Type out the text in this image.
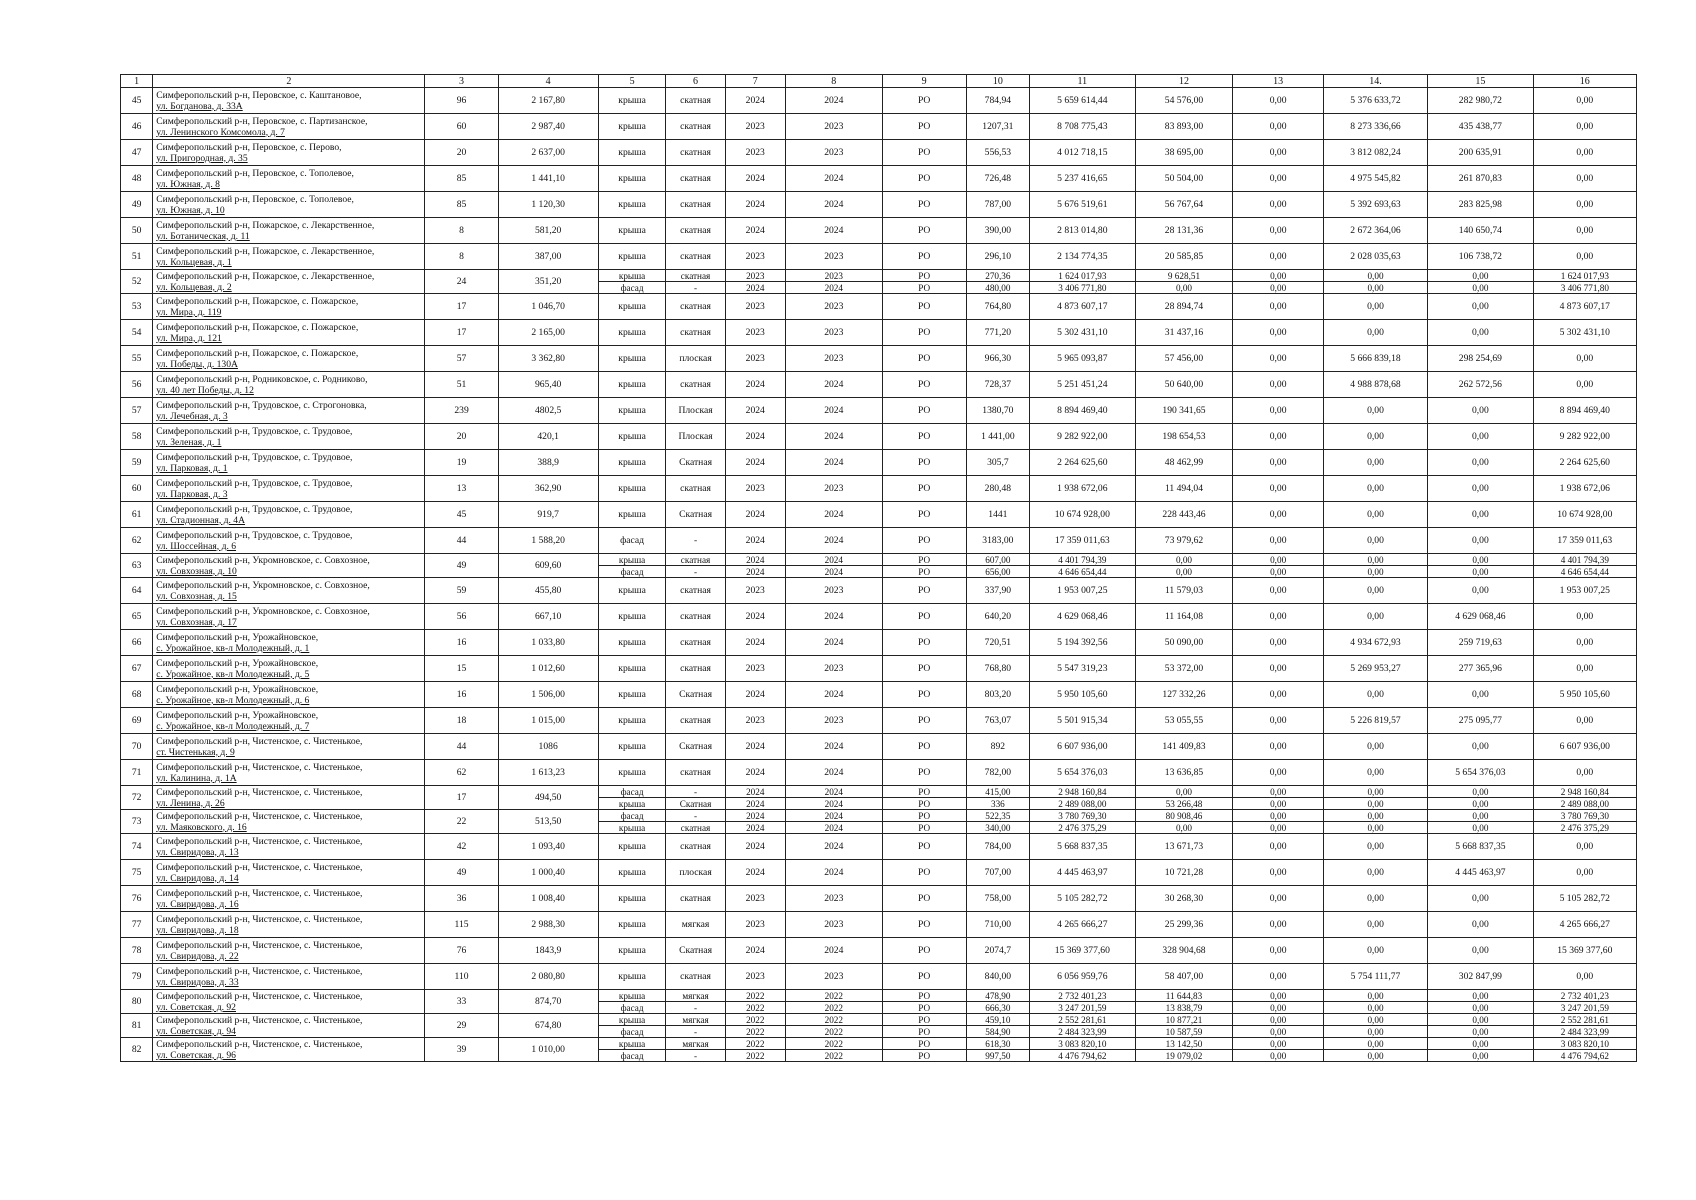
1	2	3	4	5	6	7	8	9	10	11	12	13	14.	15	16
45	Симферопольский р-н, Перовское, с. Каштановое,
ул. Богданова, д. 33А	96	2 167,80	крыша	скатная	2024	2024	РО	784,94	5 659 614,44	54 576,00	0,00	5 376 633,72	282 980,72	0,00
46	Симферопольский р-н, Перовское, с. Партизанское,
ул. Ленинского Комсомола, д. 7	60	2 987,40	крыша	скатная	2023	2023	РО	1207,31	8 708 775,43	83 893,00	0,00	8 273 336,66	435 438,77	0,00
47	Симферопольский р-н, Перовское, с. Перово,
ул. Пригородная, д. 35	20	2 637,00	крыша	скатная	2023	2023	РО	556,53	4 012 718,15	38 695,00	0,00	3 812 082,24	200 635,91	0,00
48	Симферопольский р-н, Перовское, с. Тополевое,
ул. Южная, д. 8	85	1 441,10	крыша	скатная	2024	2024	РО	726,48	5 237 416,65	50 504,00	0,00	4 975 545,82	261 870,83	0,00
49	Симферопольский р-н, Перовское, с. Тополевое,
ул. Южная, д. 10	85	1 120,30	крыша	скатная	2024	2024	РО	787,00	5 676 519,61	56 767,64	0,00	5 392 693,63	283 825,98	0,00
50	Симферопольский р-н, Пожарское, с. Лекарственное,
ул. Ботаническая, д. 11	8	581,20	крыша	скатная	2024	2024	РО	390,00	2 813 014,80	28 131,36	0,00	2 672 364,06	140 650,74	0,00
51	Симферопольский р-н, Пожарское, с. Лекарственное,
ул. Кольцевая, д. 1	8	387,00	крыша	скатная	2023	2023	РО	296,10	2 134 774,35	20 585,85	0,00	2 028 035,63	106 738,72	0,00
52	Симферопольский р-н, Пожарское, с. Лекарственное,
ул. Кольцевая, д. 2	24	351,20	крыша	скатная	2023	2023	РО	270,36	1 624 017,93	9 628,51	0,00	0,00	0,00	1 624 017,93
				фасад	-	2024	2024	РО	480,00	3 406 771,80	0,00	0,00	0,00	0,00	3 406 771,80
53	Симферопольский р-н, Пожарское, с. Пожарское,
ул. Мира, д. 119	17	1 046,70	крыша	скатная	2023	2023	РО	764,80	4 873 607,17	28 894,74	0,00	0,00	0,00	4 873 607,17
54	Симферопольский р-н, Пожарское, с. Пожарское,
ул. Мира, д. 121	17	2 165,00	крыша	скатная	2023	2023	РО	771,20	5 302 431,10	31 437,16	0,00	0,00	0,00	5 302 431,10
55	Симферопольский р-н, Пожарское, с. Пожарское,
ул. Победы, д. 130А	57	3 362,80	крыша	плоская	2023	2023	РО	966,30	5 965 093,87	57 456,00	0,00	5 666 839,18	298 254,69	0,00
56	Симферопольский р-н, Родниковское, с. Родниково,
ул. 40 лет Победы, д. 12	51	965,40	крыша	скатная	2024	2024	РО	728,37	5 251 451,24	50 640,00	0,00	4 988 878,68	262 572,56	0,00
57	Симферопольский р-н, Трудовское, с. Строгоновка,
ул. Лечебная, д. 3	239	4802,5	крыша	Плоская	2024	2024	РО	1380,70	8 894 469,40	190 341,65	0,00	0,00	0,00	8 894 469,40
58	Симферопольский р-н, Трудовское, с. Трудовое,
ул. Зеленая, д. 1	20	420,1	крыша	Плоская	2024	2024	РО	1 441,00	9 282 922,00	198 654,53	0,00	0,00	0,00	9 282 922,00
59	Симферопольский р-н, Трудовское, с. Трудовое,
ул. Парковая, д. 1	19	388,9	крыша	Скатная	2024	2024	РО	305,7	2 264 625,60	48 462,99	0,00	0,00	0,00	2 264 625,60
60	Симферопольский р-н, Трудовское, с. Трудовое,
ул. Парковая, д. 3	13	362,90	крыша	скатная	2023	2023	РО	280,48	1 938 672,06	11 494,04	0,00	0,00	0,00	1 938 672,06
61	Симферопольский р-н, Трудовское, с. Трудовое,
ул. Стадионная, д. 4А	45	919,7	крыша	Скатная	2024	2024	РО	1441	10 674 928,00	228 443,46	0,00	0,00	0,00	10 674 928,00
62	Симферопольский р-н, Трудовское, с. Трудовое,
ул. Шоссейная, д. 6	44	1 588,20	фасад	-	2024	2024	РО	3183,00	17 359 011,63	73 979,62	0,00	0,00	0,00	17 359 011,63
63	Симферопольский р-н, Укромновское, с. Совхозное,
ул. Совхозная, д. 10	49	609,60	крыша	скатная	2024	2024	РО	607,00	4 401 794,39	0,00	0,00	0,00	0,00	4 401 794,39
				фасад	-	2024	2024	РО	656,00	4 646 654,44	0,00	0,00	0,00	0,00	4 646 654,44
64	Симферопольский р-н, Укромновское, с. Совхозное,
ул. Совхозная, д. 15	59	455,80	крыша	скатная	2023	2023	РО	337,90	1 953 007,25	11 579,03	0,00	0,00	0,00	1 953 007,25
65	Симферопольский р-н, Укромновское, с. Совхозное,
ул. Совхозная, д. 17	56	667,10	крыша	скатная	2024	2024	РО	640,20	4 629 068,46	11 164,08	0,00	0,00	4 629 068,46	0,00
66	Симферопольский р-н, Урожайновское,
с. Урожайное, кв-л Молодежный, д. 1	16	1 033,80	крыша	скатная	2024	2024	РО	720,51	5 194 392,56	50 090,00	0,00	4 934 672,93	259 719,63	0,00
67	Симферопольский р-н, Урожайновское,
с. Урожайное, кв-л Молодежный, д. 5	15	1 012,60	крыша	скатная	2023	2023	РО	768,80	5 547 319,23	53 372,00	0,00	5 269 953,27	277 365,96	0,00
68	Симферопольский р-н, Урожайновское,
с. Урожайное, кв-л Молодежный, д. 6	16	1 506,00	крыша	Скатная	2024	2024	РО	803,20	5 950 105,60	127 332,26	0,00	0,00	0,00	5 950 105,60
69	Симферопольский р-н, Урожайновское,
с. Урожайное, кв-л Молодежный, д. 7	18	1 015,00	крыша	скатная	2023	2023	РО	763,07	5 501 915,34	53 055,55	0,00	5 226 819,57	275 095,77	0,00
70	Симферопольский р-н, Чистенское, с. Чистенькое,
ст. Чистенькая, д. 9	44	1086	крыша	Скатная	2024	2024	РО	892	6 607 936,00	141 409,83	0,00	0,00	0,00	6 607 936,00
71	Симферопольский р-н, Чистенское, с. Чистенькое,
ул. Калинина, д. 1А	62	1 613,23	крыша	скатная	2024	2024	РО	782,00	5 654 376,03	13 636,85	0,00	0,00	5 654 376,03	0,00
72	Симферопольский р-н, Чистенское, с. Чистенькое,
ул. Ленина, д. 26	17	494,50	фасад	-	2024	2024	РО	415,00	2 948 160,84	0,00	0,00	0,00	0,00	2 948 160,84
				крыша	Скатная	2024	2024	РО	336	2 489 088,00	53 266,48	0,00	0,00	0,00	2 489 088,00
73	Симферопольский р-н, Чистенское, с. Чистенькое,
ул. Маяковского, д. 16	22	513,50	фасад	-	2024	2024	РО	522,35	3 780 769,30	80 908,46	0,00	0,00	0,00	3 780 769,30
				крыша	скатная	2024	2024	РО	340,00	2 476 375,29	0,00	0,00	0,00	0,00	2 476 375,29
74	Симферопольский р-н, Чистенское, с. Чистенькое,
ул. Свиридова, д. 13	42	1 093,40	крыша	скатная	2024	2024	РО	784,00	5 668 837,35	13 671,73	0,00	0,00	5 668 837,35	0,00
75	Симферопольский р-н, Чистенское, с. Чистенькое,
ул. Свиридова, д. 14	49	1 000,40	крыша	плоская	2024	2024	РО	707,00	4 445 463,97	10 721,28	0,00	0,00	4 445 463,97	0,00
76	Симферопольский р-н, Чистенское, с. Чистенькое,
ул. Свиридова, д. 16	36	1 008,40	крыша	скатная	2023	2023	РО	758,00	5 105 282,72	30 268,30	0,00	0,00	0,00	5 105 282,72
77	Симферопольский р-н, Чистенское, с. Чистенькое,
ул. Свиридова, д. 18	115	2 988,30	крыша	мягкая	2023	2023	РО	710,00	4 265 666,27	25 299,36	0,00	0,00	0,00	4 265 666,27
78	Симферопольский р-н, Чистенское, с. Чистенькое,
ул. Свиридова, д. 22	76	1843,9	крыша	Скатная	2024	2024	РО	2074,7	15 369 377,60	328 904,68	0,00	0,00	0,00	15 369 377,60
79	Симферопольский р-н, Чистенское, с. Чистенькое,
ул. Свиридова, д. 33	110	2 080,80	крыша	скатная	2023	2023	РО	840,00	6 056 959,76	58 407,00	0,00	5 754 111,77	302 847,99	0,00
80	Симферопольский р-н, Чистенское, с. Чистенькое,
ул. Советская, д. 92	33	874,70	крыша	мягкая	2022	2022	РО	478,90	2 732 401,23	11 644,83	0,00	0,00	0,00	2 732 401,23
				фасад	-	2022	2022	РО	666,30	3 247 201,59	13 838,79	0,00	0,00	0,00	3 247 201,59
81	Симферопольский р-н, Чистенское, с. Чистенькое,
ул. Советская, д. 94	29	674,80	крыша	мягкая	2022	2022	РО	459,10	2 552 281,61	10 877,21	0,00	0,00	0,00	2 552 281,61
				фасад	-	2022	2022	РО	584,90	2 484 323,99	10 587,59	0,00	0,00	0,00	2 484 323,99
82	Симферопольский р-н, Чистенское, с. Чистенькое,
ул. Советская, д. 96	39	1 010,00	крыша	мягкая	2022	2022	РО	618,30	3 083 820,10	13 142,50	0,00	0,00	0,00	3 083 820,10
				фасад	-	2022	2022	РО	997,50	4 476 794,62	19 079,02	0,00	0,00	0,00	4 476 794,62
